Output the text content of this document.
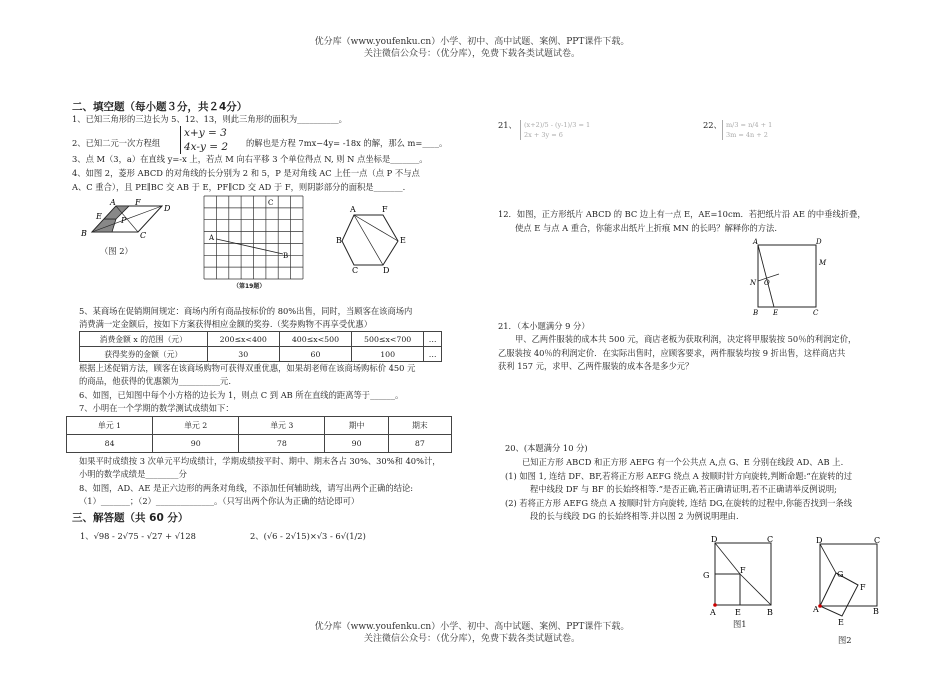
优分库（www.youfenku.cn）小学、初中、高中试题、案例、PPT课件下载。
关注微信公众号：（优分库），免费下载各类试题试卷。
二、填空题（每小题３分，共２4分）
1、已知三角形的三边长为 5、12、13，则此三角形的面积为__________。
2、已知二元一次方程组
x+y = 3
4x-y = 2 的解也是方程 7mx−4y= -18x 的解，那么 m=____。
3、点 M（3，a）在直线 y=-x 上，若点 M 向右平移 3 个单位得点 N, 则 N 点坐标是_______。
4、如图 2，菱形 ABCD 的对角线的长分别为 2 和 5，P 是对角线 AC 上任一点（点 P 不与点
A、C 重合），且 PE∥BC 交 AB 于 E，PF∥CD 交 AD 于 F，则阴影部分的面积是_______.
A F
D
E P
B	C
（图 2）
A
C
B
（第19题）
A	F
E
B
C	D
5、某商场在促销期间规定：商场内所有商品按标价的 80%出售，同时，当顾客在该商场内
消费满一定金额后，按如下方案获得相应金额的奖券.（奖券购物不再享受优惠）
消费金额 x 的范围（元）	200≤x<400	400≤x<500	500≤x<700	…
获得奖券的金额（元）	30	60	100	…
根据上述促销方法，顾客在该商场购物可获得双重优惠，如果胡老师在该商场购标价 450 元
的商品，他获得的优惠额为__________元.
6、如图，已知图中每个小方格的边长为 1，则点 C 到 AB 所在直线的距离等于______。
7、小明在一个学期的数学测试成绩如下：
单元 1	单元 2	单元 3	期中	期末
84	90	78	90	87
如果平时成绩按 3 次单元平均成绩计，学期成绩按平时、期中、期末各占 30%、30%和 40%计，
小明的数学成绩是________分
8、如图，AD、AE 是正六边形的两条对角线，不添加任何辅助线，请写出两个正确的结论:
（1）_______；（2）______________。（只写出两个你认为正确的结论即可）
三、解答题（共 60 分）
1、√98 - 2√75 - √27 + √128	2、(√6 - 2√15)×√3 - 6√(1/2)
21、 (x+2)/5 - (y-1)/3 = 1
2x + 3y = 6
22、 m/3 = n/4 + 1
3m = 4n + 2
12．如图，正方形纸片 ABCD 的 BC 边上有一点 E，AE=10cm．若把纸片沿 AE 的中垂线折叠，
使点 E 与点 A 重合，你能求出纸片上折痕 MN 的长吗？解释你的方法.
A	D
M
N O
B E	C
21．（本小题满分 9 分）
甲、乙两件服装的成本共 500 元，商店老板为获取利润，决定将甲服装按 50％的利润定价，
乙服装按 40％的利润定价．在实际出售时，应顾客要求，两件服装均按 9 折出售，这样商店共
获利 157 元，求甲、乙两件服装的成本各是多少元？
20、(本题满分 10 分)
已知正方形 ABCD 和正方形 AEFG 有一个公共点 A,点 G、E 分别在线段 AD、AB 上.
(1) 如图 1, 连结 DF、BF,若将正方形 AEFG 绕点 A 按顺时针方向旋转,判断命题:“在旋转的过
程中线段 DF 与 BF 的长始终相等.”是否正确,若正确请证明,若不正确请举反例说明;
(2) 若将正方形 AEFG 绕点 A 按顺时针方向旋转, 连结 DG,在旋转的过程中,你能否找到一条线
段的长与线段 DG 的长始终相等.并以图 2 为例说明理由.
D	C
G
F
A E	B
图1
D	C
G
F
A
E
B
图2
优分库（www.youfenku.cn）小学、初中、高中试题、案例、PPT课件下载。
关注微信公众号：（优分库），免费下载各类试题试卷。
